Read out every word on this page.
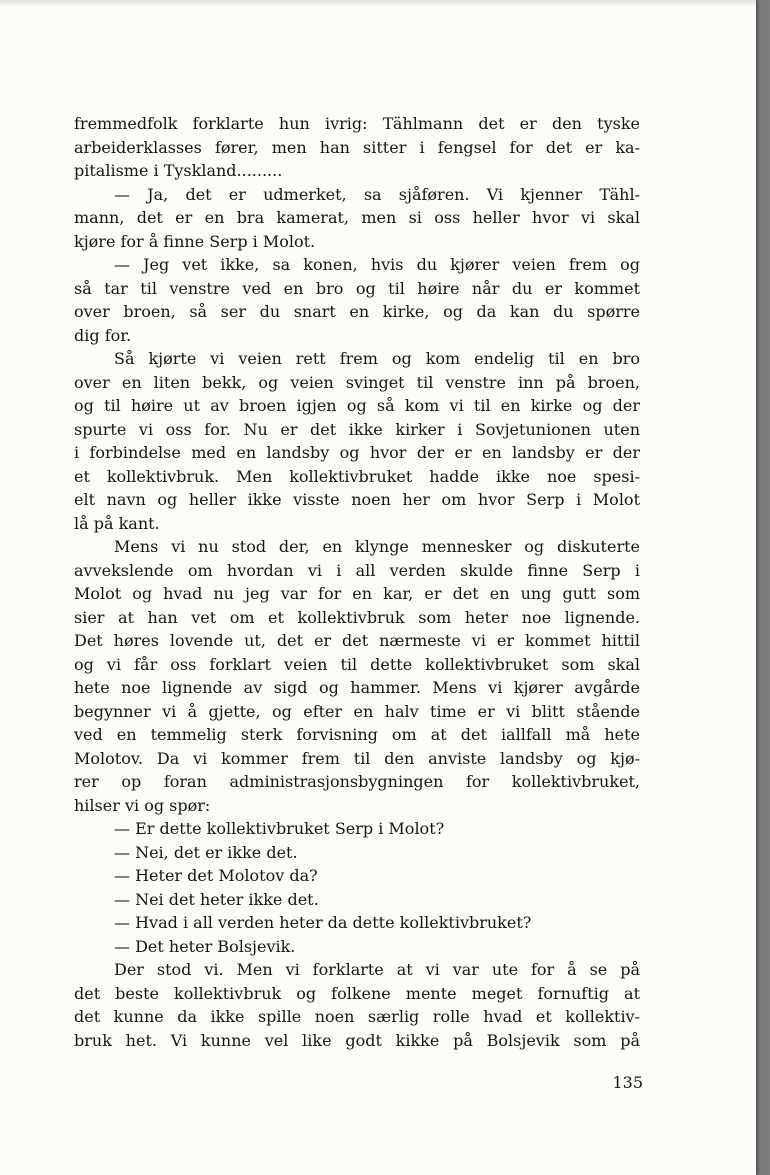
fremmedfolk forklarte hun ivrig: Tählmann det er den tyske
arbeiderklasses fører, men han sitter i fengsel for det er ka-
pitalisme i Tyskland.........
— Ja, det er udmerket, sa sjåføren. Vi kjenner Tähl-
mann, det er en bra kamerat, men si oss heller hvor vi skal
kjøre for å finne Serp i Molot.
— Jeg vet ikke, sa konen, hvis du kjører veien frem og
så tar til venstre ved en bro og til høire når du er kommet
over broen, så ser du snart en kirke, og da kan du spørre
dig for.
Så kjørte vi veien rett frem og kom endelig til en bro
over en liten bekk, og veien svinget til venstre inn på broen,
og til høire ut av broen igjen og så kom vi til en kirke og der
spurte vi oss for. Nu er det ikke kirker i Sovjetunionen uten
i forbindelse med en landsby og hvor der er en landsby er der
et kollektivbruk. Men kollektivbruket hadde ikke noe spesi-
elt navn og heller ikke visste noen her om hvor Serp i Molot
lå på kant.
Mens vi nu stod der, en klynge mennesker og diskuterte
avvekslende om hvordan vi i all verden skulde finne Serp i
Molot og hvad nu jeg var for en kar, er det en ung gutt som
sier at han vet om et kollektivbruk som heter noe lignende.
Det høres lovende ut, det er det nærmeste vi er kommet hittil
og vi får oss forklart veien til dette kollektivbruket som skal
hete noe lignende av sigd og hammer. Mens vi kjører avgårde
begynner vi å gjette, og efter en halv time er vi blitt stående
ved en temmelig sterk forvisning om at det iallfall må hete
Molotov. Da vi kommer frem til den anviste landsby og kjø-
rer op foran administrasjonsbygningen for kollektivbruket,
hilser vi og spør:
— Er dette kollektivbruket Serp i Molot?
— Nei, det er ikke det.
— Heter det Molotov da?
— Nei det heter ikke det.
— Hvad i all verden heter da dette kollektivbruket?
— Det heter Bolsjevik.
Der stod vi. Men vi forklarte at vi var ute for å se på
det beste kollektivbruk og folkene mente meget fornuftig at
det kunne da ikke spille noen særlig rolle hvad et kollektiv-
bruk het. Vi kunne vel like godt kikke på Bolsjevik som på
135
